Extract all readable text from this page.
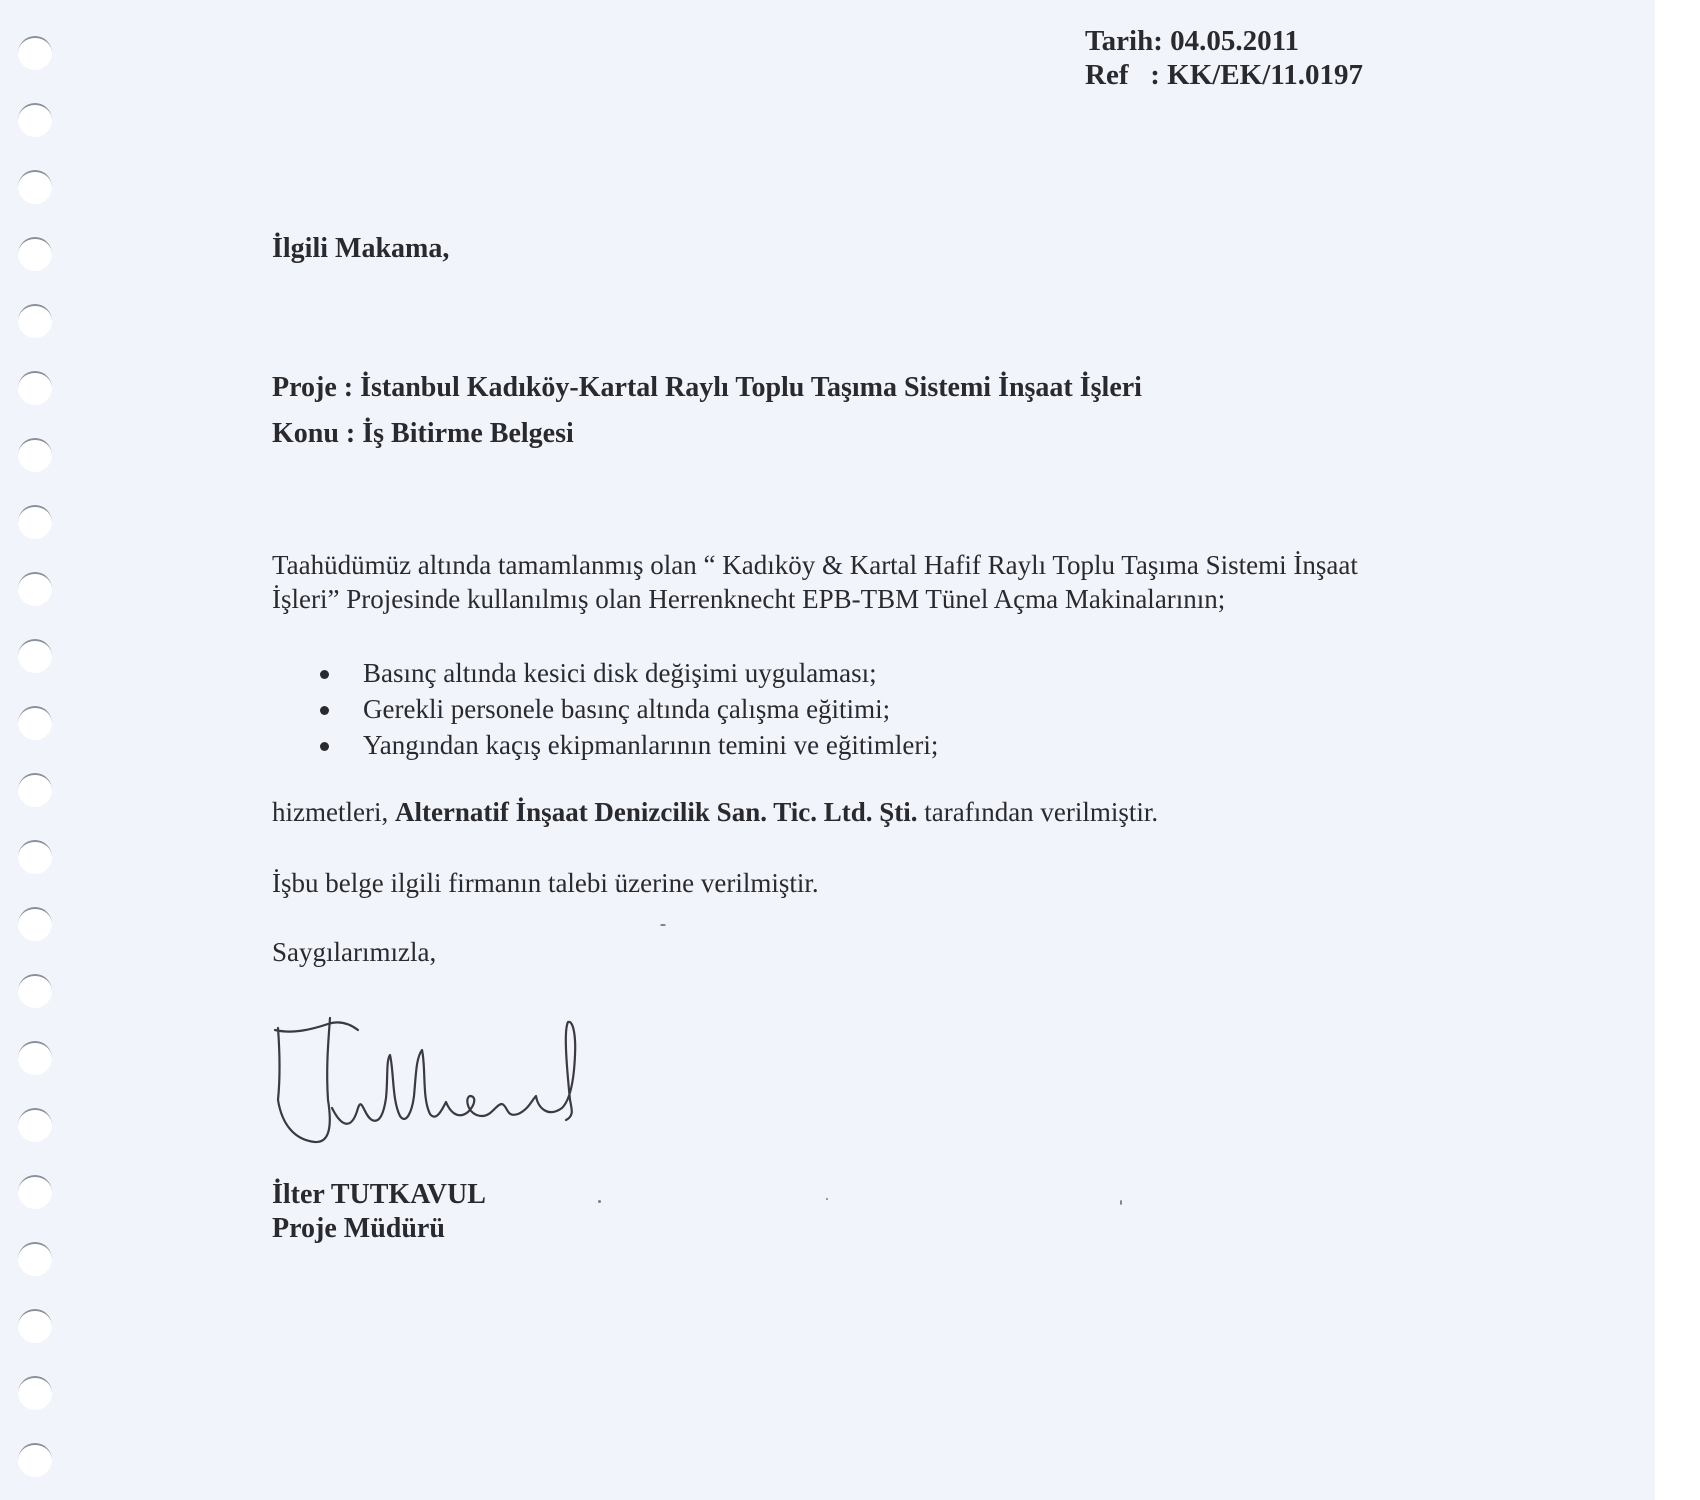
Tarih: 04.05.2011
Ref : KK/EK/11.0197
İlgili Makama,
Proje : İstanbul Kadıköy-Kartal Raylı Toplu Taşıma Sistemi İnşaat İşleri
Konu : İş Bitirme Belgesi

Taahüdümüz altında tamamlanmış olan “ Kadıköy & Kartal Hafif Raylı Toplu Taşıma Sistemi İnşaat

İşleri” Projesinde kullanılmış olan Herrenknecht EPB-TBM Tünel Açma Makinalarının;

Basınç altında kesici disk değişimi uygulaması;
Gerekli personele basınç altında çalışma eğitimi;
Yangından kaçış ekipmanlarının temini ve eğitimleri;
hizmetleri, Alternatif İnşaat Denizcilik San. Tic. Ltd. Şti. tarafından verilmiştir.
İşbu belge ilgili firmanın talebi üzerine verilmiştir.
Saygılarımızla,
İlter TUTKAVUL
Proje Müdürü
